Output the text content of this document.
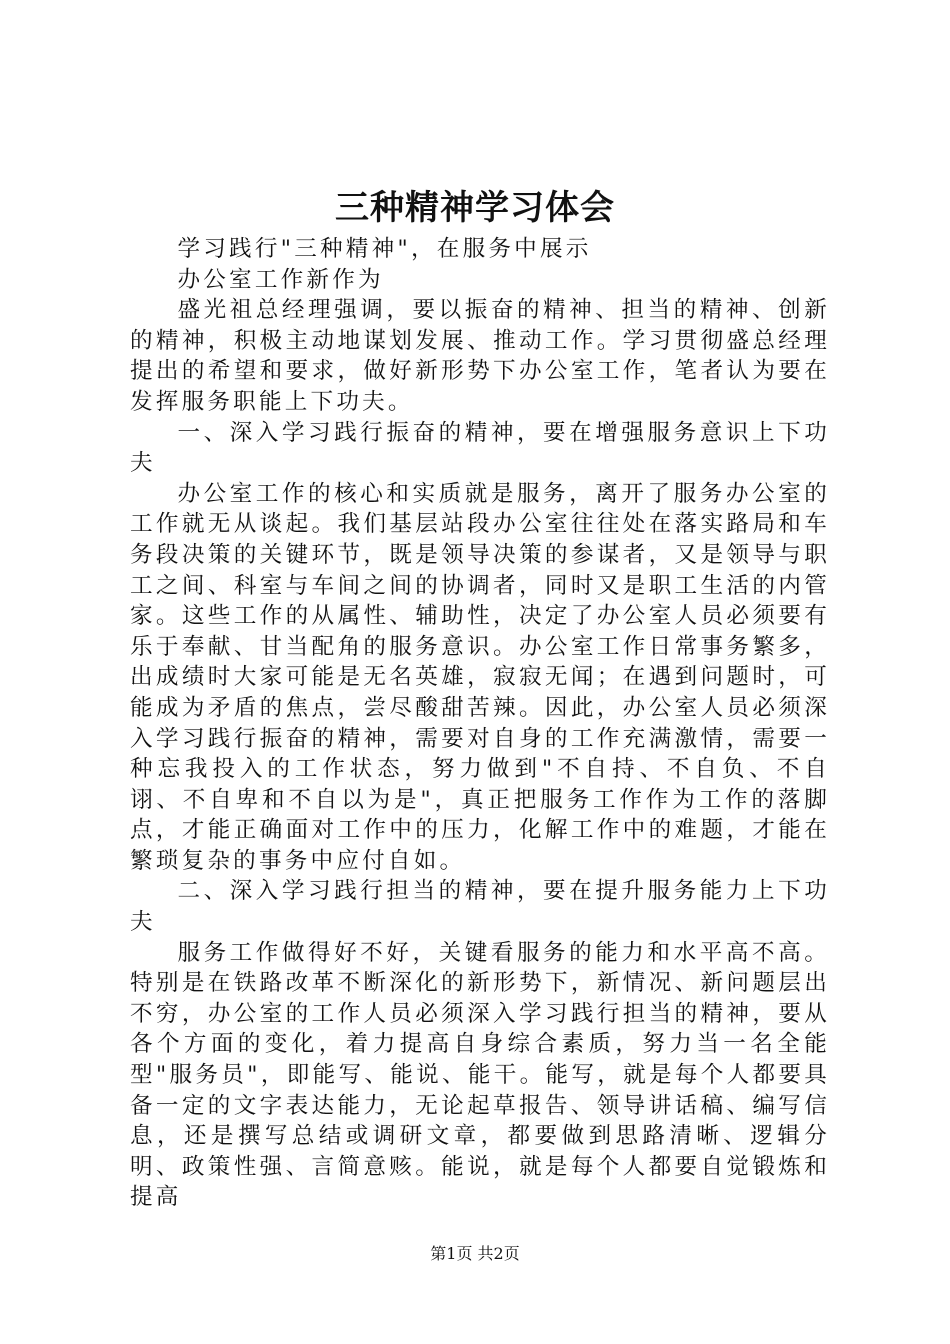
三种精神学习体会

学习践行"三种精神"，在服务中展示

办公室工作新作为

盛光祖总经理强调，要以振奋的精神、担当的精神、创新的精神，积极主动地谋划发展、推动工作。学习贯彻盛总经理提出的希望和要求，做好新形势下办公室工作，笔者认为要在发挥服务职能上下功夫。

一、深入学习践行振奋的精神，要在增强服务意识上下功夫

办公室工作的核心和实质就是服务，离开了服务办公室的工作就无从谈起。我们基层站段办公室往往处在落实路局和车务段决策的关键环节，既是领导决策的参谋者，又是领导与职工之间、科室与车间之间的协调者，同时又是职工生活的内管家。这些工作的从属性、辅助性，决定了办公室人员必须要有乐于奉献、甘当配角的服务意识。办公室工作日常事务繁多，出成绩时大家可能是无名英雄，寂寂无闻；在遇到问题时，可能成为矛盾的焦点，尝尽酸甜苦辣。因此，办公室人员必须深入学习践行振奋的精神，需要对自身的工作充满激情，需要一种忘我投入的工作状态，努力做到"不自持、不自负、不自诩、不自卑和不自以为是"，真正把服务工作作为工作的落脚点，才能正确面对工作中的压力，化解工作中的难题，才能在繁琐复杂的事务中应付自如。

二、深入学习践行担当的精神，要在提升服务能力上下功夫

服务工作做得好不好，关键看服务的能力和水平高不高。特别是在铁路改革不断深化的新形势下，新情况、新问题层出不穷，办公室的工作人员必须深入学习践行担当的精神，要从各个方面的变化，着力提高自身综合素质，努力当一名全能型"服务员"，即能写、能说、能干。能写，就是每个人都要具备一定的文字表达能力，无论起草报告、领导讲话稿、编写信息，还是撰写总结或调研文章，都要做到思路清晰、逻辑分明、政策性强、言简意赅。能说，就是每个人都要自觉锻炼和提高

第1页 共2页
